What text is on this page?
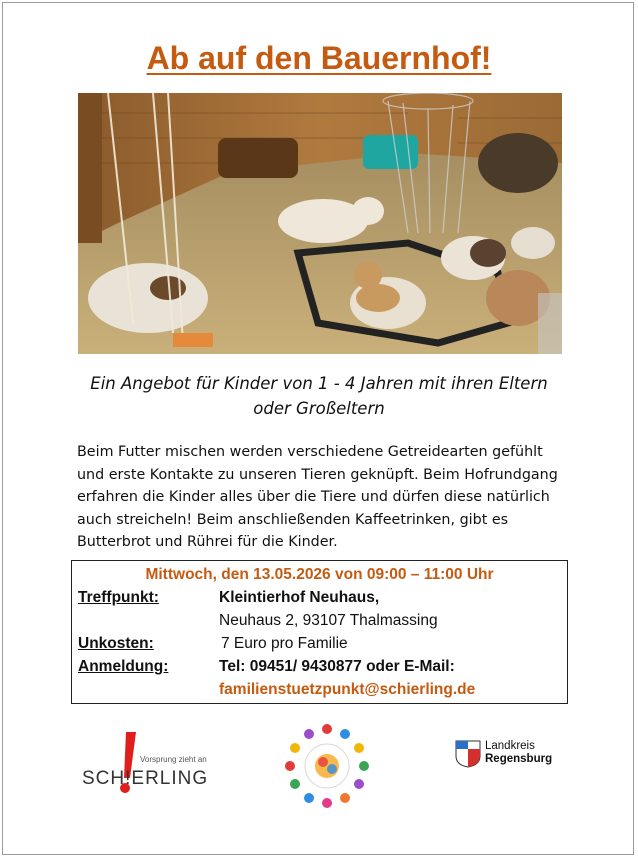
Ab auf den Bauernhof!
Ein Angebot für Kinder von 1 - 4 Jahren mit ihren Eltern
oder Großeltern
Beim Futter mischen werden verschiedene Getreidearten gefühlt und erste Kontakte zu unseren Tieren geknüpft. Beim Hofrundgang erfahren die Kinder alles über die Tiere und dürfen diese natürlich auch streicheln! Beim anschließenden Kaffeetrinken, gibt es Butterbrot und Rührei für die Kinder.
Mittwoch, den 13.05.2026 von 09:00 – 11:00 Uhr
Treffpunkt:	Kleintierhof Neuhaus,
Neuhaus 2, 93107 Thalmassing
Unkosten:	7 Euro pro Familie
Anmeldung:	Tel: 09451/ 9430877 oder E-Mail:
familienstuetzpunkt@schierling.de
Vorsprung zieht an
SCH!ERLING
Landkreis
Regensburg
